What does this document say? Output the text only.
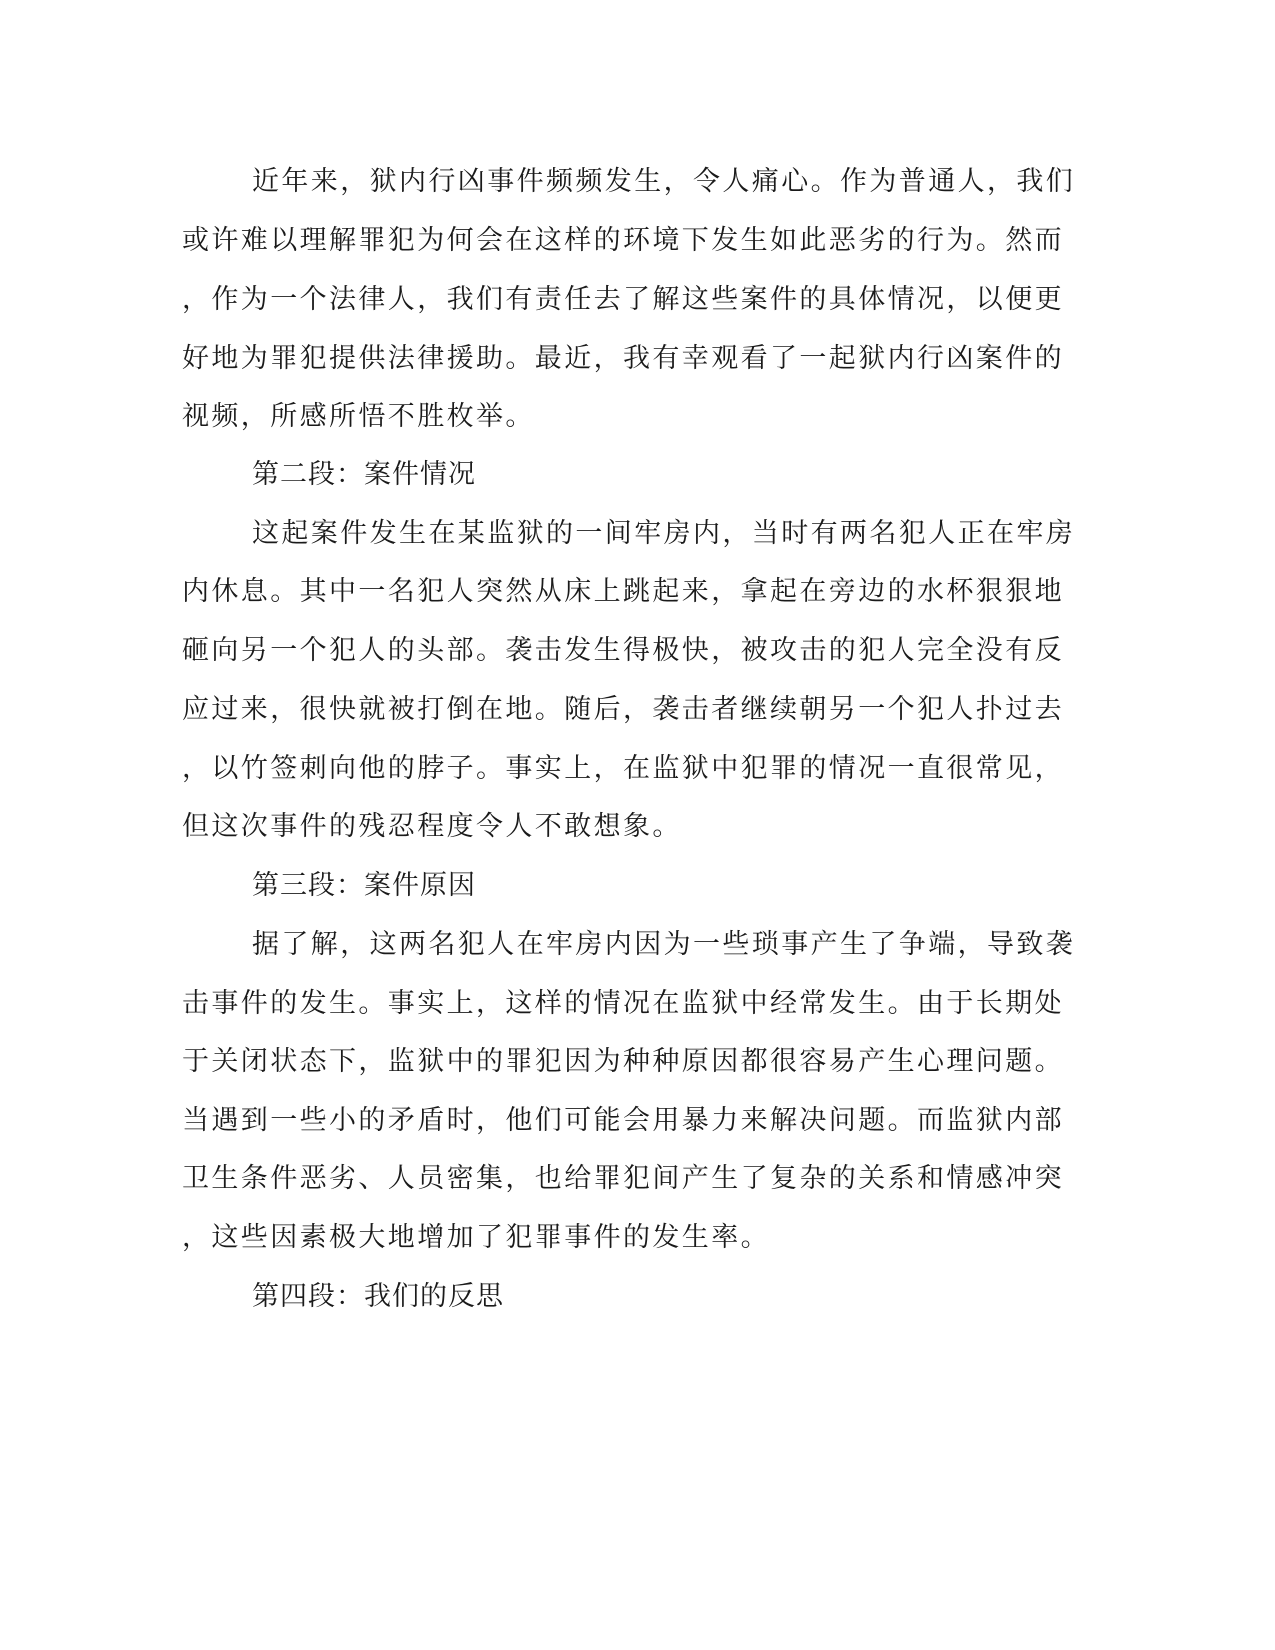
近年来，狱内行凶事件频频发生，令人痛心。作为普通人，我们
或许难以理解罪犯为何会在这样的环境下发生如此恶劣的行为。然而
，作为一个法律人，我们有责任去了解这些案件的具体情况，以便更
好地为罪犯提供法律援助。最近，我有幸观看了一起狱内行凶案件的
视频，所感所悟不胜枚举。
第二段：案件情况
这起案件发生在某监狱的一间牢房内，当时有两名犯人正在牢房
内休息。其中一名犯人突然从床上跳起来，拿起在旁边的水杯狠狠地
砸向另一个犯人的头部。袭击发生得极快，被攻击的犯人完全没有反
应过来，很快就被打倒在地。随后，袭击者继续朝另一个犯人扑过去
，以竹签刺向他的脖子。事实上，在监狱中犯罪的情况一直很常见，
但这次事件的残忍程度令人不敢想象。
第三段：案件原因
据了解，这两名犯人在牢房内因为一些琐事产生了争端，导致袭
击事件的发生。事实上，这样的情况在监狱中经常发生。由于长期处
于关闭状态下，监狱中的罪犯因为种种原因都很容易产生心理问题。
当遇到一些小的矛盾时，他们可能会用暴力来解决问题。而监狱内部
卫生条件恶劣、人员密集，也给罪犯间产生了复杂的关系和情感冲突
，这些因素极大地增加了犯罪事件的发生率。
第四段：我们的反思
